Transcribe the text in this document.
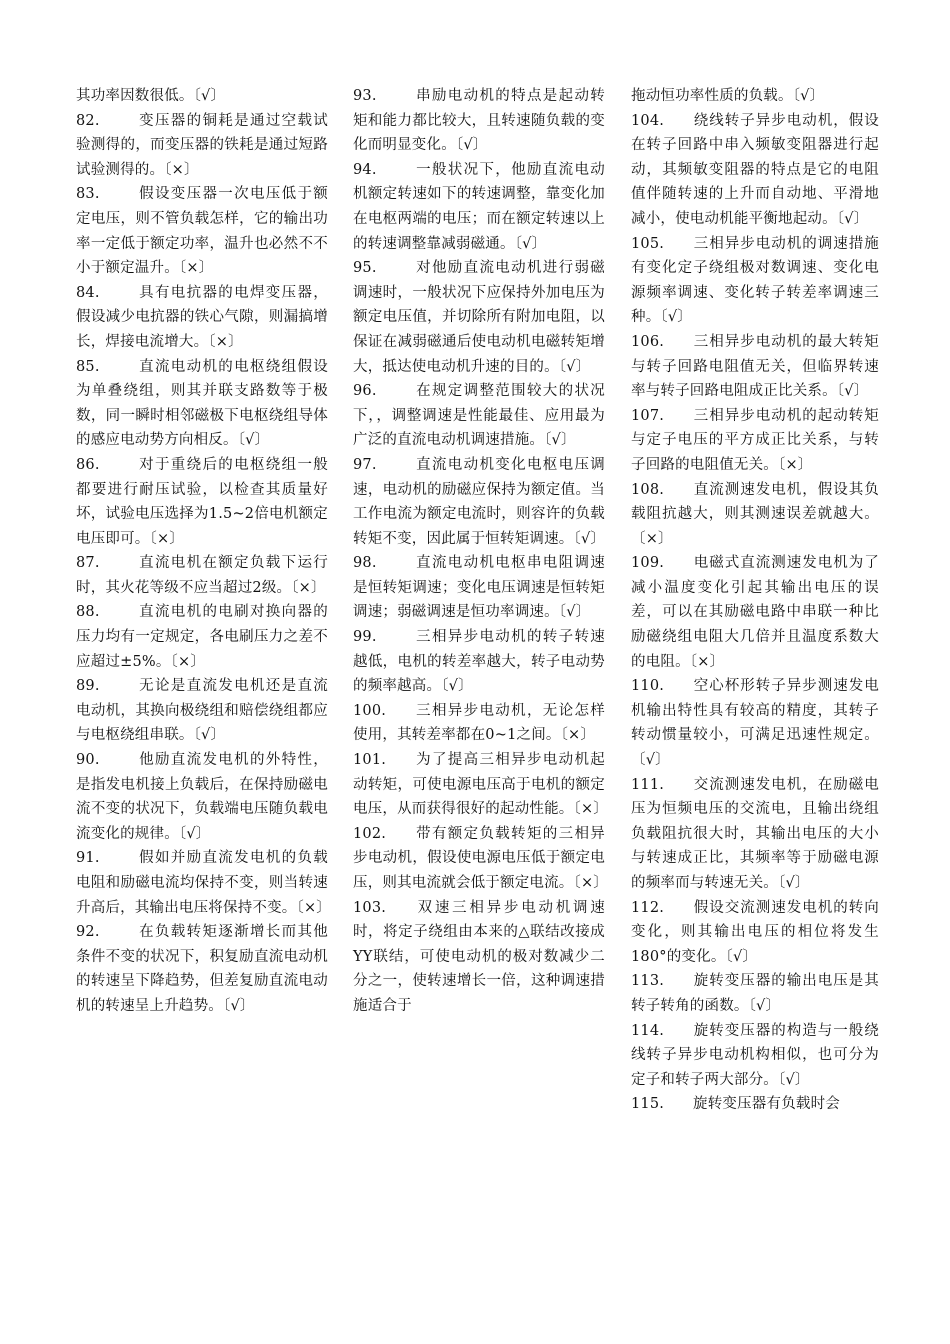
其功率因数很低。〔√〕

82.	变压器的铜耗是通过空载试验测得的，而变压器的铁耗是通过短路试验测得的。〔×〕

83.	假设变压器一次电压低于额定电压，则不管负载怎样，它的输出功率一定低于额定功率，温升也必然不不小于额定温升。〔×〕

84.	具有电抗器的电焊变压器，假设减少电抗器的铁心气隙，则漏搞增长，焊接电流增大。〔×〕

85.	直流电动机的电枢绕组假设为单叠绕组，则其并联支路数等于极数，同一瞬时相邻磁极下电枢绕组导体的感应电动势方向相反。〔√〕

86.	对于重绕后的电枢绕组一般都要进行耐压试验，以检查其质量好坏，试验电压选择为1.5~2倍电机额定电压即可。〔×〕

87.	直流电机在额定负载下运行时，其火花等级不应当超过2级。〔×〕

88.	直流电机的电刷对换向器的压力均有一定规定，各电刷压力之差不应超过±5%。〔×〕

89.	无论是直流发电机还是直流电动机，其换向极绕组和赔偿绕组都应与电枢绕组串联。〔√〕

90.	他励直流发电机的外特性，是指发电机接上负载后，在保持励磁电流不变的状况下，负载端电压随负载电流变化的规律。〔√〕

91.	假如并励直流发电机的负载电阻和励磁电流均保持不变，则当转速升高后，其输出电压将保持不变。〔×〕

92.	在负载转矩逐渐增长而其他条件不变的状况下，积复励直流电动机的转速呈下降趋势，但差复励直流电动机的转速呈上升趋势。〔√〕

93.	串励电动机的特点是起动转矩和能力都比较大，且转速随负载的变化而明显变化。〔√〕

94.	一般状况下，他励直流电动机额定转速如下的转速调整，靠变化加在电枢两端的电压；而在额定转速以上的转速调整靠减弱磁通。〔√〕

95.	对他励直流电动机进行弱磁调速时，一般状况下应保持外加电压为额定电压值，并切除所有附加电阻，以保证在减弱磁通后使电动机电磁转矩增大，抵达使电动机升速的目的。〔√〕

96.	在规定调整范围较大的状况下，，调整调速是性能最佳、应用最为广泛的直流电动机调速措施。〔√〕

97.	直流电动机变化电枢电压调速，电动机的励磁应保持为额定值。当工作电流为额定电流时，则容许的负载转矩不变，因此属于恒转矩调速。〔√〕

98.	直流电动机电枢串电阻调速是恒转矩调速；变化电压调速是恒转矩调速；弱磁调速是恒功率调速。〔√〕

99.	三相异步电动机的转子转速越低，电机的转差率越大，转子电动势的频率越高。〔√〕

100. 三相异步电动机，无论怎样使用，其转差率都在0~1之间。〔×〕

101. 为了提高三相异步电动机起动转矩，可使电源电压高于电机的额定电压，从而获得很好的起动性能。〔×〕

102. 带有额定负载转矩的三相异步电动机，假设使电源电压低于额定电压，则其电流就会低于额定电流。〔×〕

103. 双速三相异步电动机调速时，将定子绕组由本来的△联结改接成YY联结，可使电动机的极对数减少二分之一，使转速增长一倍，这种调速措施适合于

拖动恒功率性质的负载。〔√〕

104. 绕线转子异步电动机，假设在转子回路中串入频敏变阻器进行起动，其频敏变阻器的特点是它的电阻值伴随转速的上升而自动地、平滑地减小，使电动机能平衡地起动。〔√〕

105. 三相异步电动机的调速措施有变化定子绕组极对数调速、变化电源频率调速、变化转子转差率调速三种。〔√〕

106. 三相异步电动机的最大转矩与转子回路电阻值无关，但临界转速率与转子回路电阻成正比关系。〔√〕

107. 三相异步电动机的起动转矩与定子电压的平方成正比关系，与转子回路的电阻值无关。〔×〕

108. 直流测速发电机，假设其负载阻抗越大，则其测速误差就越大。〔×〕

109. 电磁式直流测速发电机为了减小温度变化引起其输出电压的误差，可以在其励磁电路中串联一种比励磁绕组电阻大几倍并且温度系数大的电阻。〔×〕

110. 空心杯形转子异步测速发电机输出特性具有较高的精度，其转子转动惯量较小，可满足迅速性规定。〔√〕

111. 交流测速发电机，在励磁电压为恒频电压的交流电，且输出绕组负载阻抗很大时，其输出电压的大小与转速成正比，其频率等于励磁电源的频率而与转速无关。〔√〕

112. 假设交流测速发电机的转向变化，则其输出电压的相位将发生180°的变化。〔√〕

113. 旋转变压器的输出电压是其转子转角的函数。〔√〕

114. 旋转变压器的构造与一般绕线转子异步电动机构相似，也可分为定子和转子两大部分。〔√〕

115. 旋转变压器有负载时会
